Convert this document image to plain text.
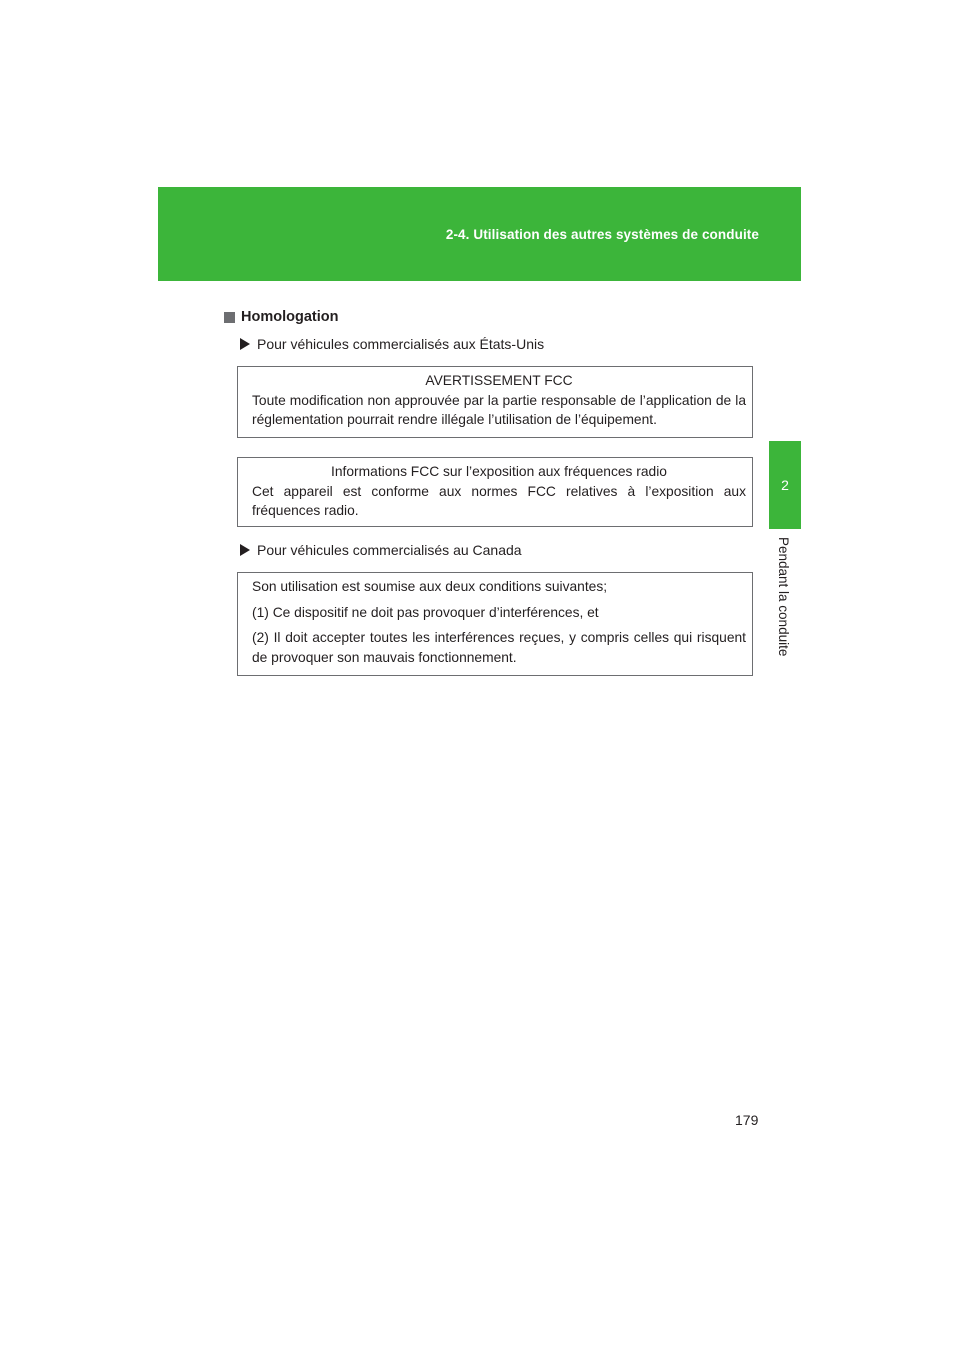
2-4. Utilisation des autres systèmes de conduite
2
Pendant la conduite
Homologation
Pour véhicules commercialisés aux États-Unis
AVERTISSEMENT FCC

Toute modification non approuvée par la partie responsable de l’application de la réglementation pourrait rendre illégale l’utilisation de l’équipement.

Informations FCC sur l’exposition aux fréquences radio

Cet appareil est conforme aux normes FCC relatives à l’exposition aux fréquences radio.

Pour véhicules commercialisés au Canada

Son utilisation est soumise aux deux conditions suivantes;

(1) Ce dispositif ne doit pas provoquer d’interférences, et

(2) Il doit accepter toutes les interférences reçues, y compris celles qui risquent de provoquer son mauvais fonctionnement.

179
